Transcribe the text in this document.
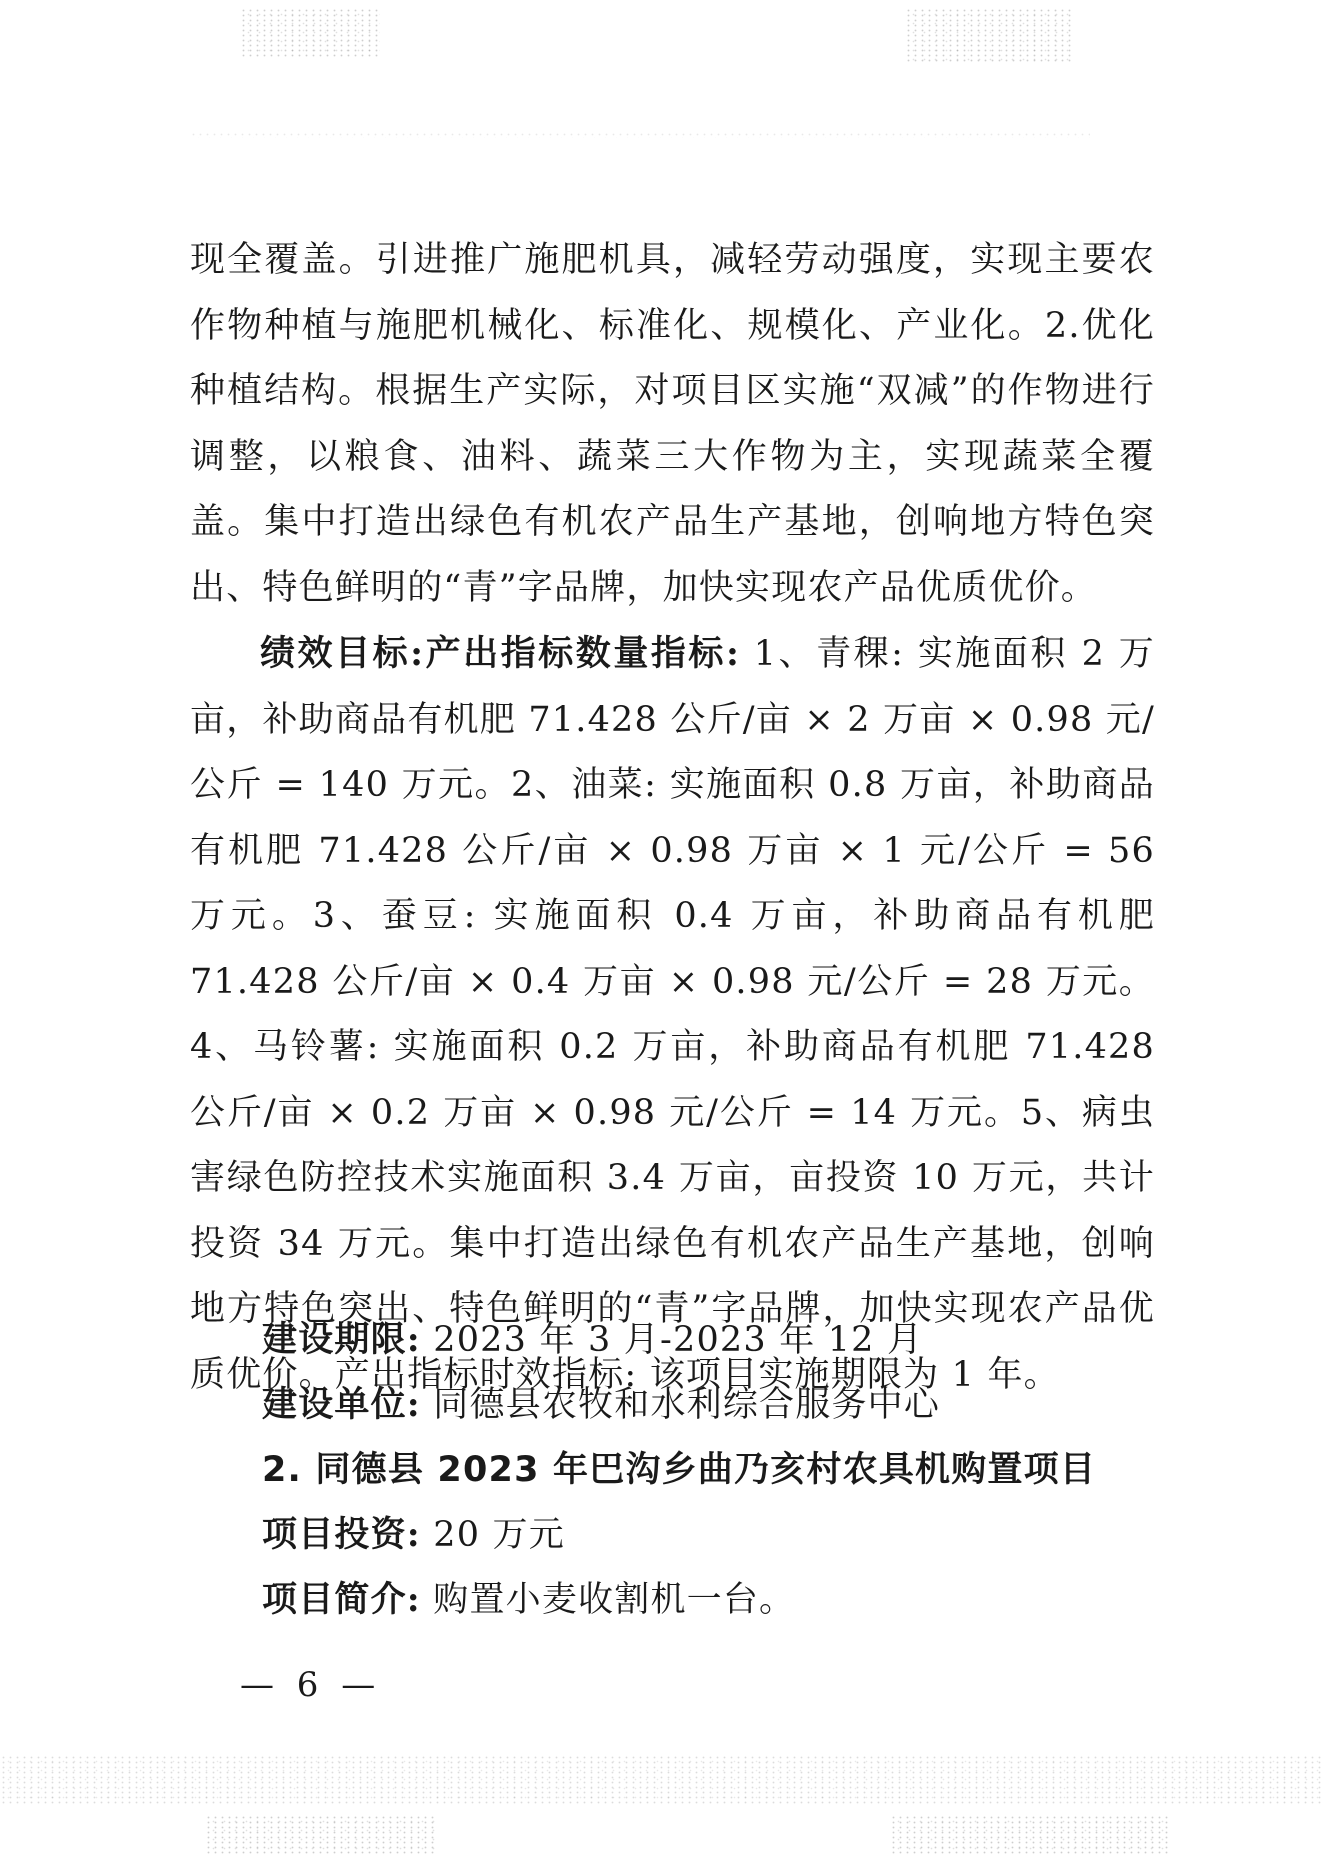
现全覆盖。引进推广施肥机具，减轻劳动强度，实现主要农作物种植与施肥机械化、标准化、规模化、产业化。2.优化种植结构。根据生产实际，对项目区实施“双减”的作物进行调整，以粮食、油料、蔬菜三大作物为主，实现蔬菜全覆盖。集中打造出绿色有机农产品生产基地，创响地方特色突出、特色鲜明的“青”字品牌，加快实现农产品优质优价。

绩效目标:产出指标数量指标: 1、青稞: 实施面积 2 万亩，补助商品有机肥 71.428 公斤/亩 × 2 万亩 × 0.98 元/公斤 = 140 万元。2、油菜: 实施面积 0.8 万亩，补助商品有机肥 71.428 公斤/亩 × 0.98 万亩 × 1 元/公斤 = 56 万元。3、蚕豆: 实施面积 0.4 万亩，补助商品有机肥 71.428 公斤/亩 × 0.4 万亩 × 0.98 元/公斤 = 28 万元。4、马铃薯: 实施面积 0.2 万亩，补助商品有机肥 71.428 公斤/亩 × 0.2 万亩 × 0.98 元/公斤 = 14 万元。5、病虫害绿色防控技术实施面积 3.4 万亩，亩投资 10 万元，共计投资 34 万元。集中打造出绿色有机农产品生产基地，创响地方特色突出、特色鲜明的“青”字品牌，加快实现农产品优质优价。产出指标时效指标: 该项目实施期限为 1 年。

建设期限: 2023 年 3 月-2023 年 12 月
建设单位: 同德县农牧和水利综合服务中心
2. 同德县 2023 年巴沟乡曲乃亥村农具机购置项目
项目投资: 20 万元
项目简介: 购置小麦收割机一台。
— 6 —
